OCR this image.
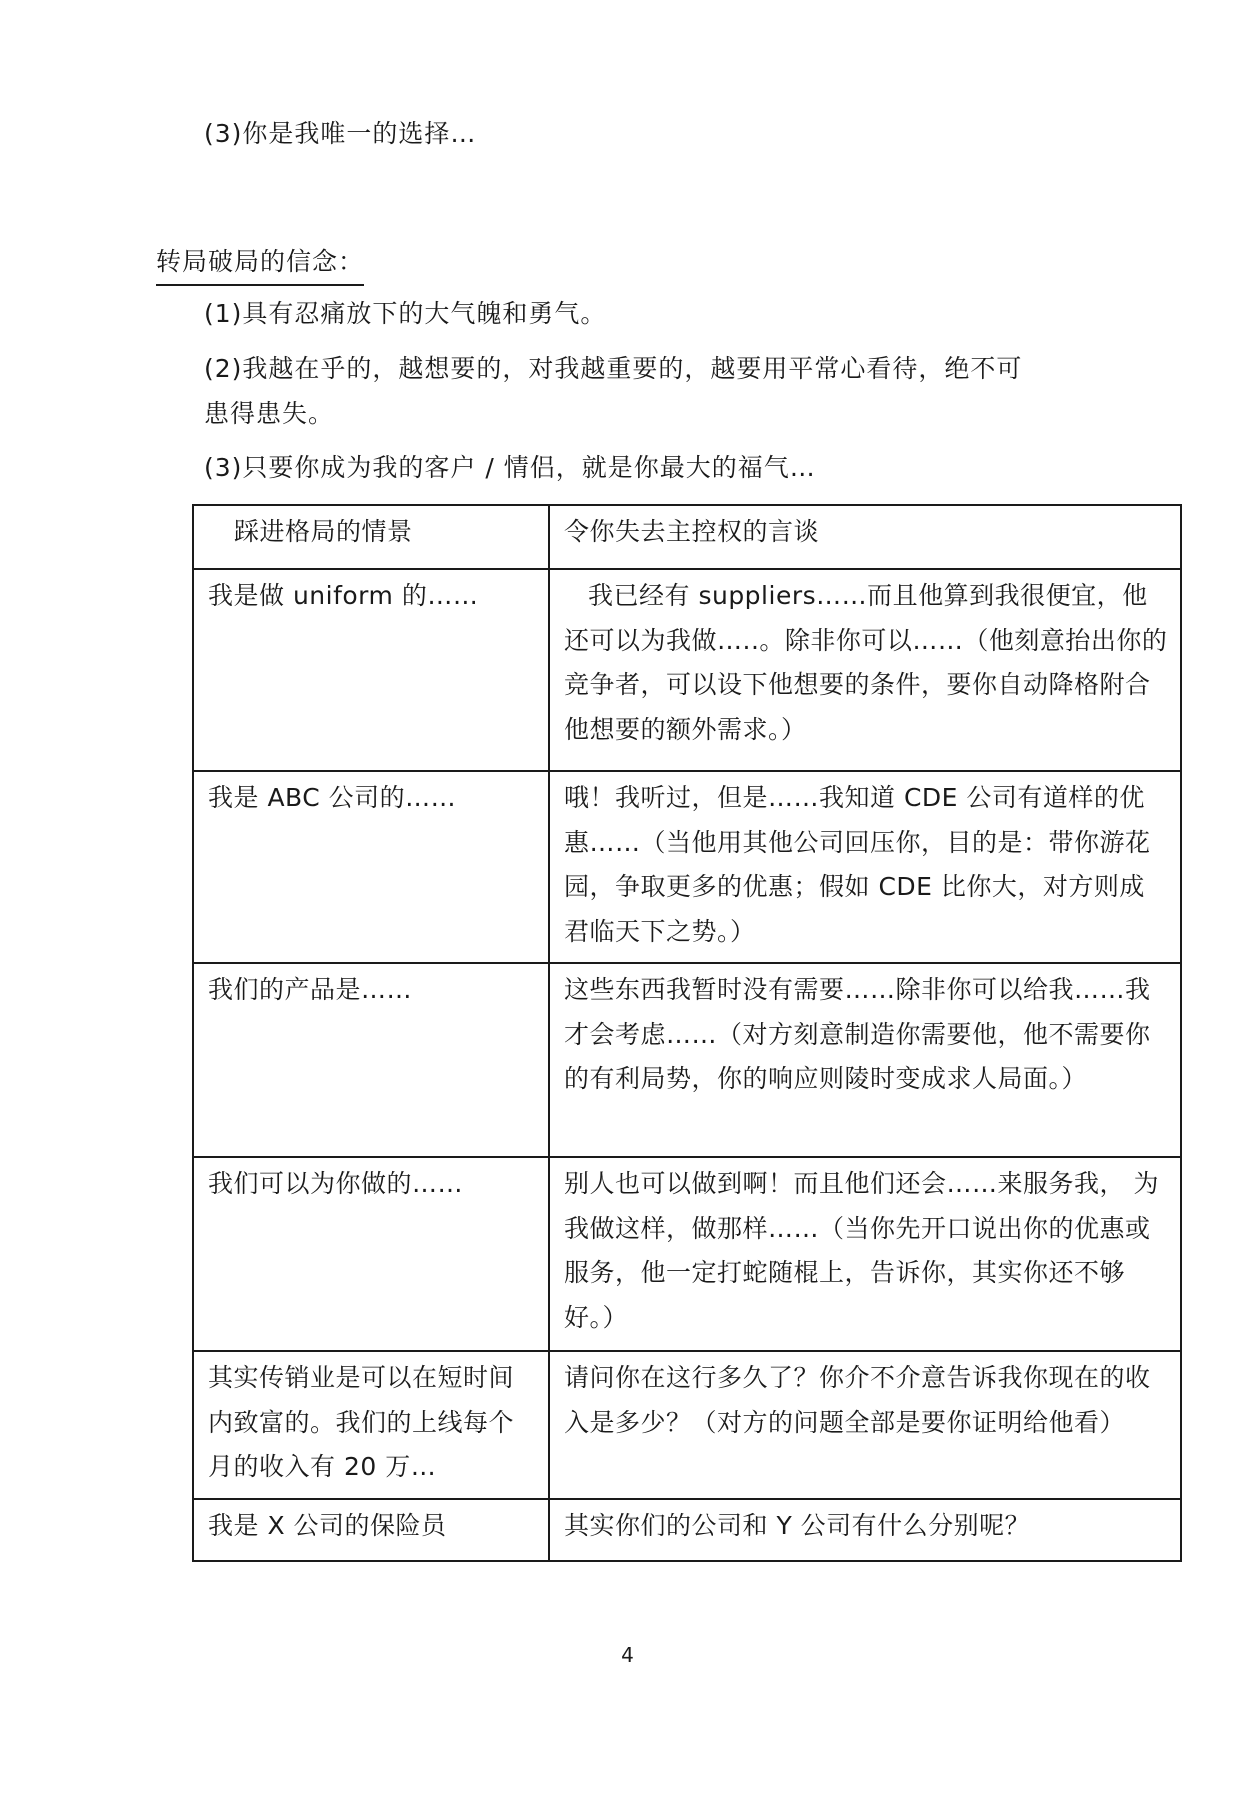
(3)你是我唯一的选择…
转局破局的信念：
(1)具有忍痛放下的大气魄和勇气。
(2)我越在乎的，越想要的，对我越重要的，越要用平常心看待，绝不可
患得患失。
(3)只要你成为我的客户 / 情侣，就是你最大的福气…
踩进格局的情景	令你失去主控权的言谈
我是做 uniform 的……	我已经有 suppliers……而且他算到我很便宜，他还可以为我做…..。除非你可以……（他刻意抬出你的竞争者，可以设下他想要的条件，要你自动降格附合他想要的额外需求。）
我是 ABC 公司的……	哦！我听过，但是……我知道 CDE 公司有道样的优惠……（当他用其他公司回压你，目的是：带你游花园，争取更多的优惠；假如 CDE 比你大，对方则成君临天下之势。）
我们的产品是……	这些东西我暂时没有需要……除非你可以给我……我才会考虑……（对方刻意制造你需要他，他不需要你的有利局势，你的响应则陵时变成求人局面。）
我们可以为你做的……	别人也可以做到啊！而且他们还会……来服务我， 为我做这样，做那样……（当你先开口说出你的优惠或服务，他一定打蛇随棍上，告诉你，其实你还不够好。）
其实传销业是可以在短时间内致富的。我们的上线每个月的收入有 20 万…	请问你在这行多久了？你介不介意告诉我你现在的收入是多少？（对方的问题全部是要你证明给他看）
我是 X 公司的保险员	其实你们的公司和 Y 公司有什么分别呢？
4
